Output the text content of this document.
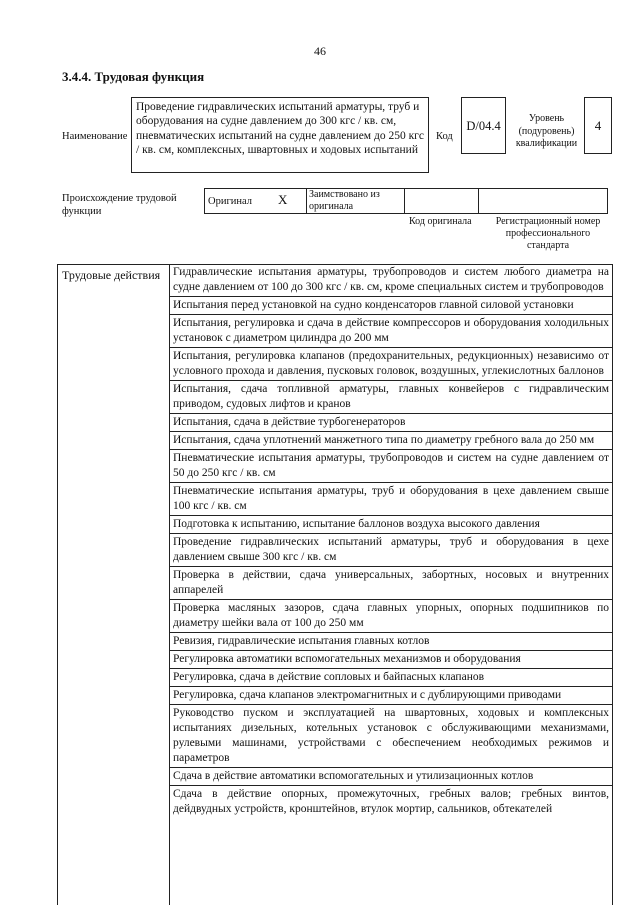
46
3.4.4. Трудовая функция
Наименование
Проведение гидравлических испытаний арматуры, труб и оборудования на судне давлением до 300 кгс / кв. см, пневматических испытаний на судне давлением до 250 кгс / кв. см, комплексных, швартовных и ходовых испытаний
Код
D/04.4
Уровень (подуровень) квалификации
4
Происхождение трудовой функции
Оригинал X Заимствовано из оригинала
Код оригинала	Регистрационный номер профессионального стандарта
Трудовые действия Гидравлические испытания арматуры, трубопроводов и систем любого диаметра на судне давлением от 100 до 300 кгс / кв. см, кроме специальных систем и трубопроводов
Испытания перед установкой на судно конденсаторов главной силовой установки
Испытания, регулировка и сдача в действие компрессоров и оборудования холодильных установок с диаметром цилиндра до 200 мм
Испытания, регулировка клапанов (предохранительных, редукционных) независимо от условного прохода и давления, пусковых головок, воздушных, углекислотных баллонов
Испытания, сдача топливной арматуры, главных конвейеров с гидравлическим приводом, судовых лифтов и кранов
Испытания, сдача в действие турбогенераторов
Испытания, сдача уплотнений манжетного типа по диаметру гребного вала до 250 мм
Пневматические испытания арматуры, трубопроводов и систем на судне давлением от 50 до 250 кгс / кв. см
Пневматические испытания арматуры, труб и оборудования в цехе давлением свыше 100 кгс / кв. см
Подготовка к испытанию, испытание баллонов воздуха высокого давления
Проведение гидравлических испытаний арматуры, труб и оборудования в цехе давлением свыше 300 кгс / кв. см
Проверка в действии, сдача универсальных, забортных, носовых и внутренних аппарелей
Проверка масляных зазоров, сдача главных упорных, опорных подшипников по диаметру шейки вала от 100 до 250 мм
Ревизия, гидравлические испытания главных котлов
Регулировка автоматики вспомогательных механизмов и оборудования
Регулировка, сдача в действие сопловых и байпасных клапанов
Регулировка, сдача клапанов электромагнитных и с дублирующими приводами
Руководство пуском и эксплуатацией на швартовных, ходовых и комплексных испытаниях дизельных, котельных установок с обслуживающими механизмами, рулевыми машинами, устройствами с обеспечением необходимых режимов и параметров
Сдача в действие автоматики вспомогательных и утилизационных котлов
Сдача в действие опорных, промежуточных, гребных валов; гребных винтов, дейдвудных устройств, кронштейнов, втулок мортир, сальников, обтекателей
